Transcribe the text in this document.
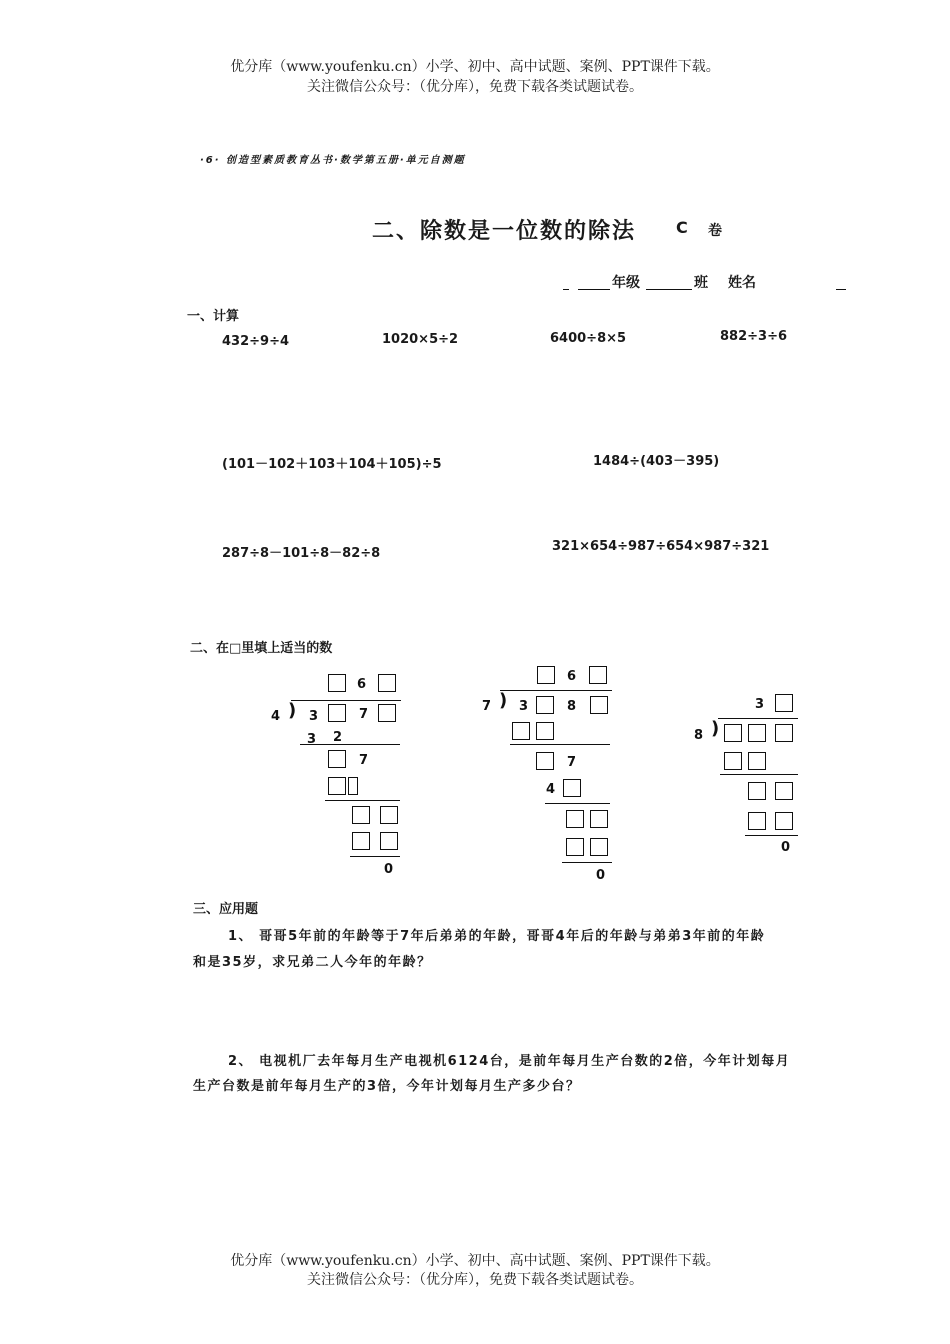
优分库（www.youfenku.cn）小学、初中、高中试题、案例、PPT课件下载。
关注微信公众号：（优分库），免费下载各类试题试卷。
·6· 创造型素质教育丛书·数学第五册·单元自测题
二、除数是一位数的除法 C 卷
年级	班 姓名
一、计算
432÷9÷4	1020×5÷2	6400÷8×5	882÷3÷6
(101－102＋103＋104＋105)÷5	1484÷(403－395)
287÷8－101÷8－82÷8	321×654÷987÷654×987÷321
二、在□里填上适当的数
6
4 ) 3	7
3 2
7
0
6
7 ) 3	8
7
4
0
3
8 )
0
三、应用题
1、 哥哥5年前的年龄等于7年后弟弟的年龄，哥哥4年后的年龄与弟弟3年前的年龄
和是35岁，求兄弟二人今年的年龄？
2、 电视机厂去年每月生产电视机6124台，是前年每月生产台数的2倍，今年计划每月
生产台数是前年每月生产的3倍，今年计划每月生产多少台？
优分库（www.youfenku.cn）小学、初中、高中试题、案例、PPT课件下载。
关注微信公众号：（优分库），免费下载各类试题试卷。
